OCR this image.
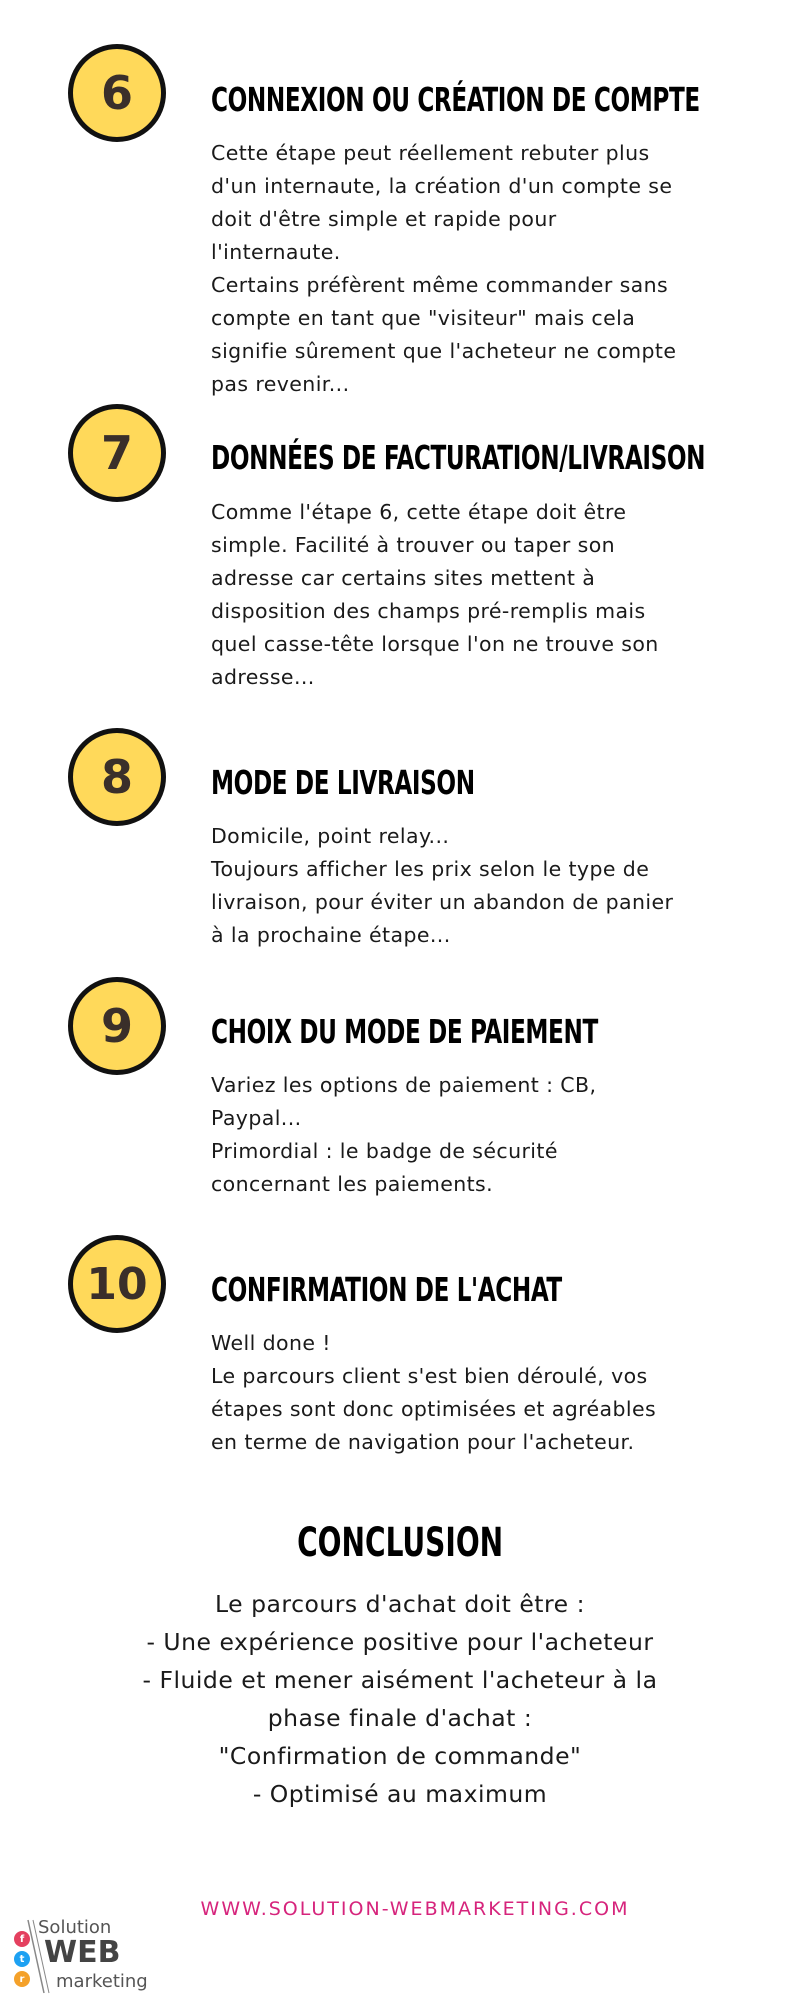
6	CONNEXION OU CRÉATION DE COMPTE

Cette étape peut réellement rebuter plus

d'un internaute, la création d'un compte se

doit d'être simple et rapide pour

l'internaute.

Certains préfèrent même commander sans

compte en tant que "visiteur" mais cela

signifie sûrement que l'acheteur ne compte

pas revenir...

7	DONNÉES DE FACTURATION/LIVRAISON

Comme l'étape 6, cette étape doit être

simple. Facilité à trouver ou taper son

adresse car certains sites mettent à

disposition des champs pré-remplis mais

quel casse-tête lorsque l'on ne trouve son

adresse...

8	MODE DE LIVRAISON

Domicile, point relay...

Toujours afficher les prix selon le type de

livraison, pour éviter un abandon de panier

à la prochaine étape...

9	CHOIX DU MODE DE PAIEMENT

Variez les options de paiement : CB,

Paypal...

Primordial : le badge de sécurité

concernant les paiements.

10	CONFIRMATION DE L'ACHAT

Well done !

Le parcours client s'est bien déroulé, vos

étapes sont donc optimisées et agréables

en terme de navigation pour l'acheteur.

CONCLUSION

Le parcours d'achat doit être :

- Une expérience positive pour l'acheteur

- Fluide et mener aisément l'acheteur à la

phase finale d'achat :

"Confirmation de commande"

- Optimisé au maximum

WWW.SOLUTION-WEBMARKETING.COM
f
t
r
Solution
WEB
marketing
